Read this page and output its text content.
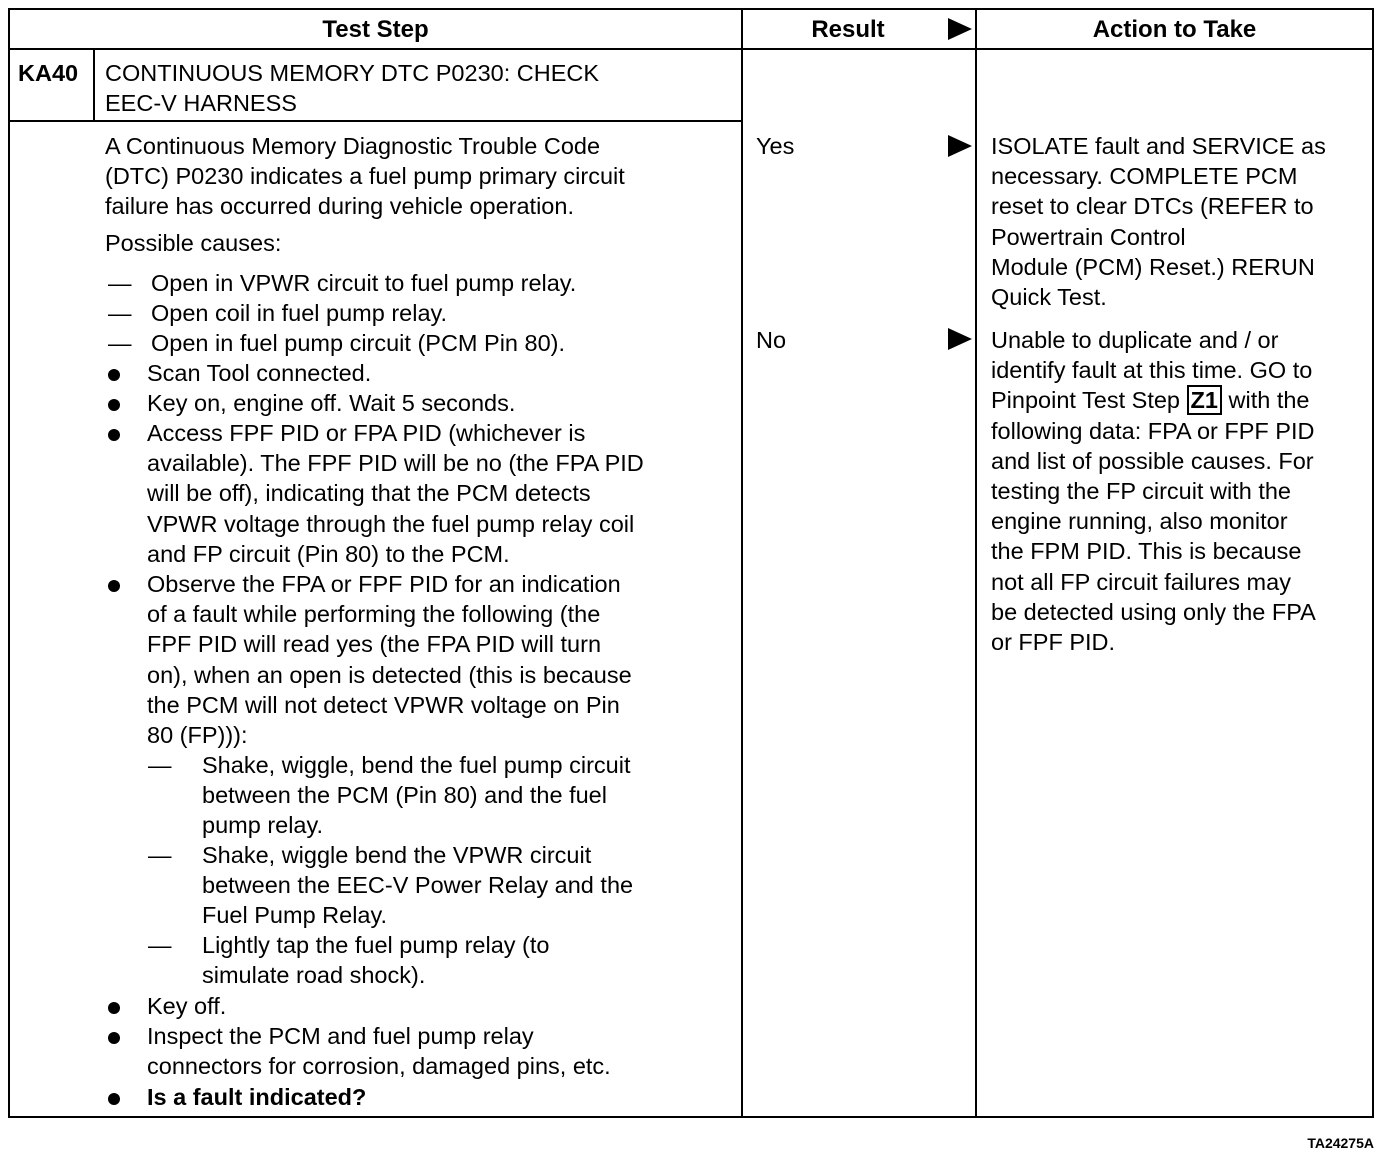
Test Step	Result	Action to Take
KA40 CONTINUOUS MEMORY DTC P0230: CHECK
EEC-V HARNESS
A Continuous Memory Diagnostic Trouble Code
(DTC) P0230 indicates a fuel pump primary circuit
failure has occurred during vehicle operation.
Possible causes:
— Open in VPWR circuit to fuel pump relay.
— Open coil in fuel pump relay.
— Open in fuel pump circuit (PCM Pin 80).
Scan Tool connected.
Key on, engine off. Wait 5 seconds.
Access FPF PID or FPA PID (whichever is
available). The FPF PID will be no (the FPA PID
will be off), indicating that the PCM detects
VPWR voltage through the fuel pump relay coil
and FP circuit (Pin 80) to the PCM.
Observe the FPA or FPF PID for an indication
of a fault while performing the following (the
FPF PID will read yes (the FPA PID will turn
on), when an open is detected (this is because
the PCM will not detect VPWR voltage on Pin
80 (FP))):
— Shake, wiggle, bend the fuel pump circuit
between the PCM (Pin 80) and the fuel
pump relay.
— Shake, wiggle bend the VPWR circuit
between the EEC-V Power Relay and the
Fuel Pump Relay.
— Lightly tap the fuel pump relay (to
simulate road shock).
Key off.
Inspect the PCM and fuel pump relay
connectors for corrosion, damaged pins, etc.
Is a fault indicated?
Yes
No
ISOLATE fault and SERVICE as
necessary. COMPLETE PCM
reset to clear DTCs (REFER to
Powertrain Control
Module (PCM) Reset.) RERUN
Quick Test.
Unable to duplicate and / or
identify fault at this time. GO to
Pinpoint Test Step Z1 with the
following data: FPA or FPF PID
and list of possible causes. For
testing the FP circuit with the
engine running, also monitor
the FPM PID. This is because
not all FP circuit failures may
be detected using only the FPA
or FPF PID.
TA24275A
